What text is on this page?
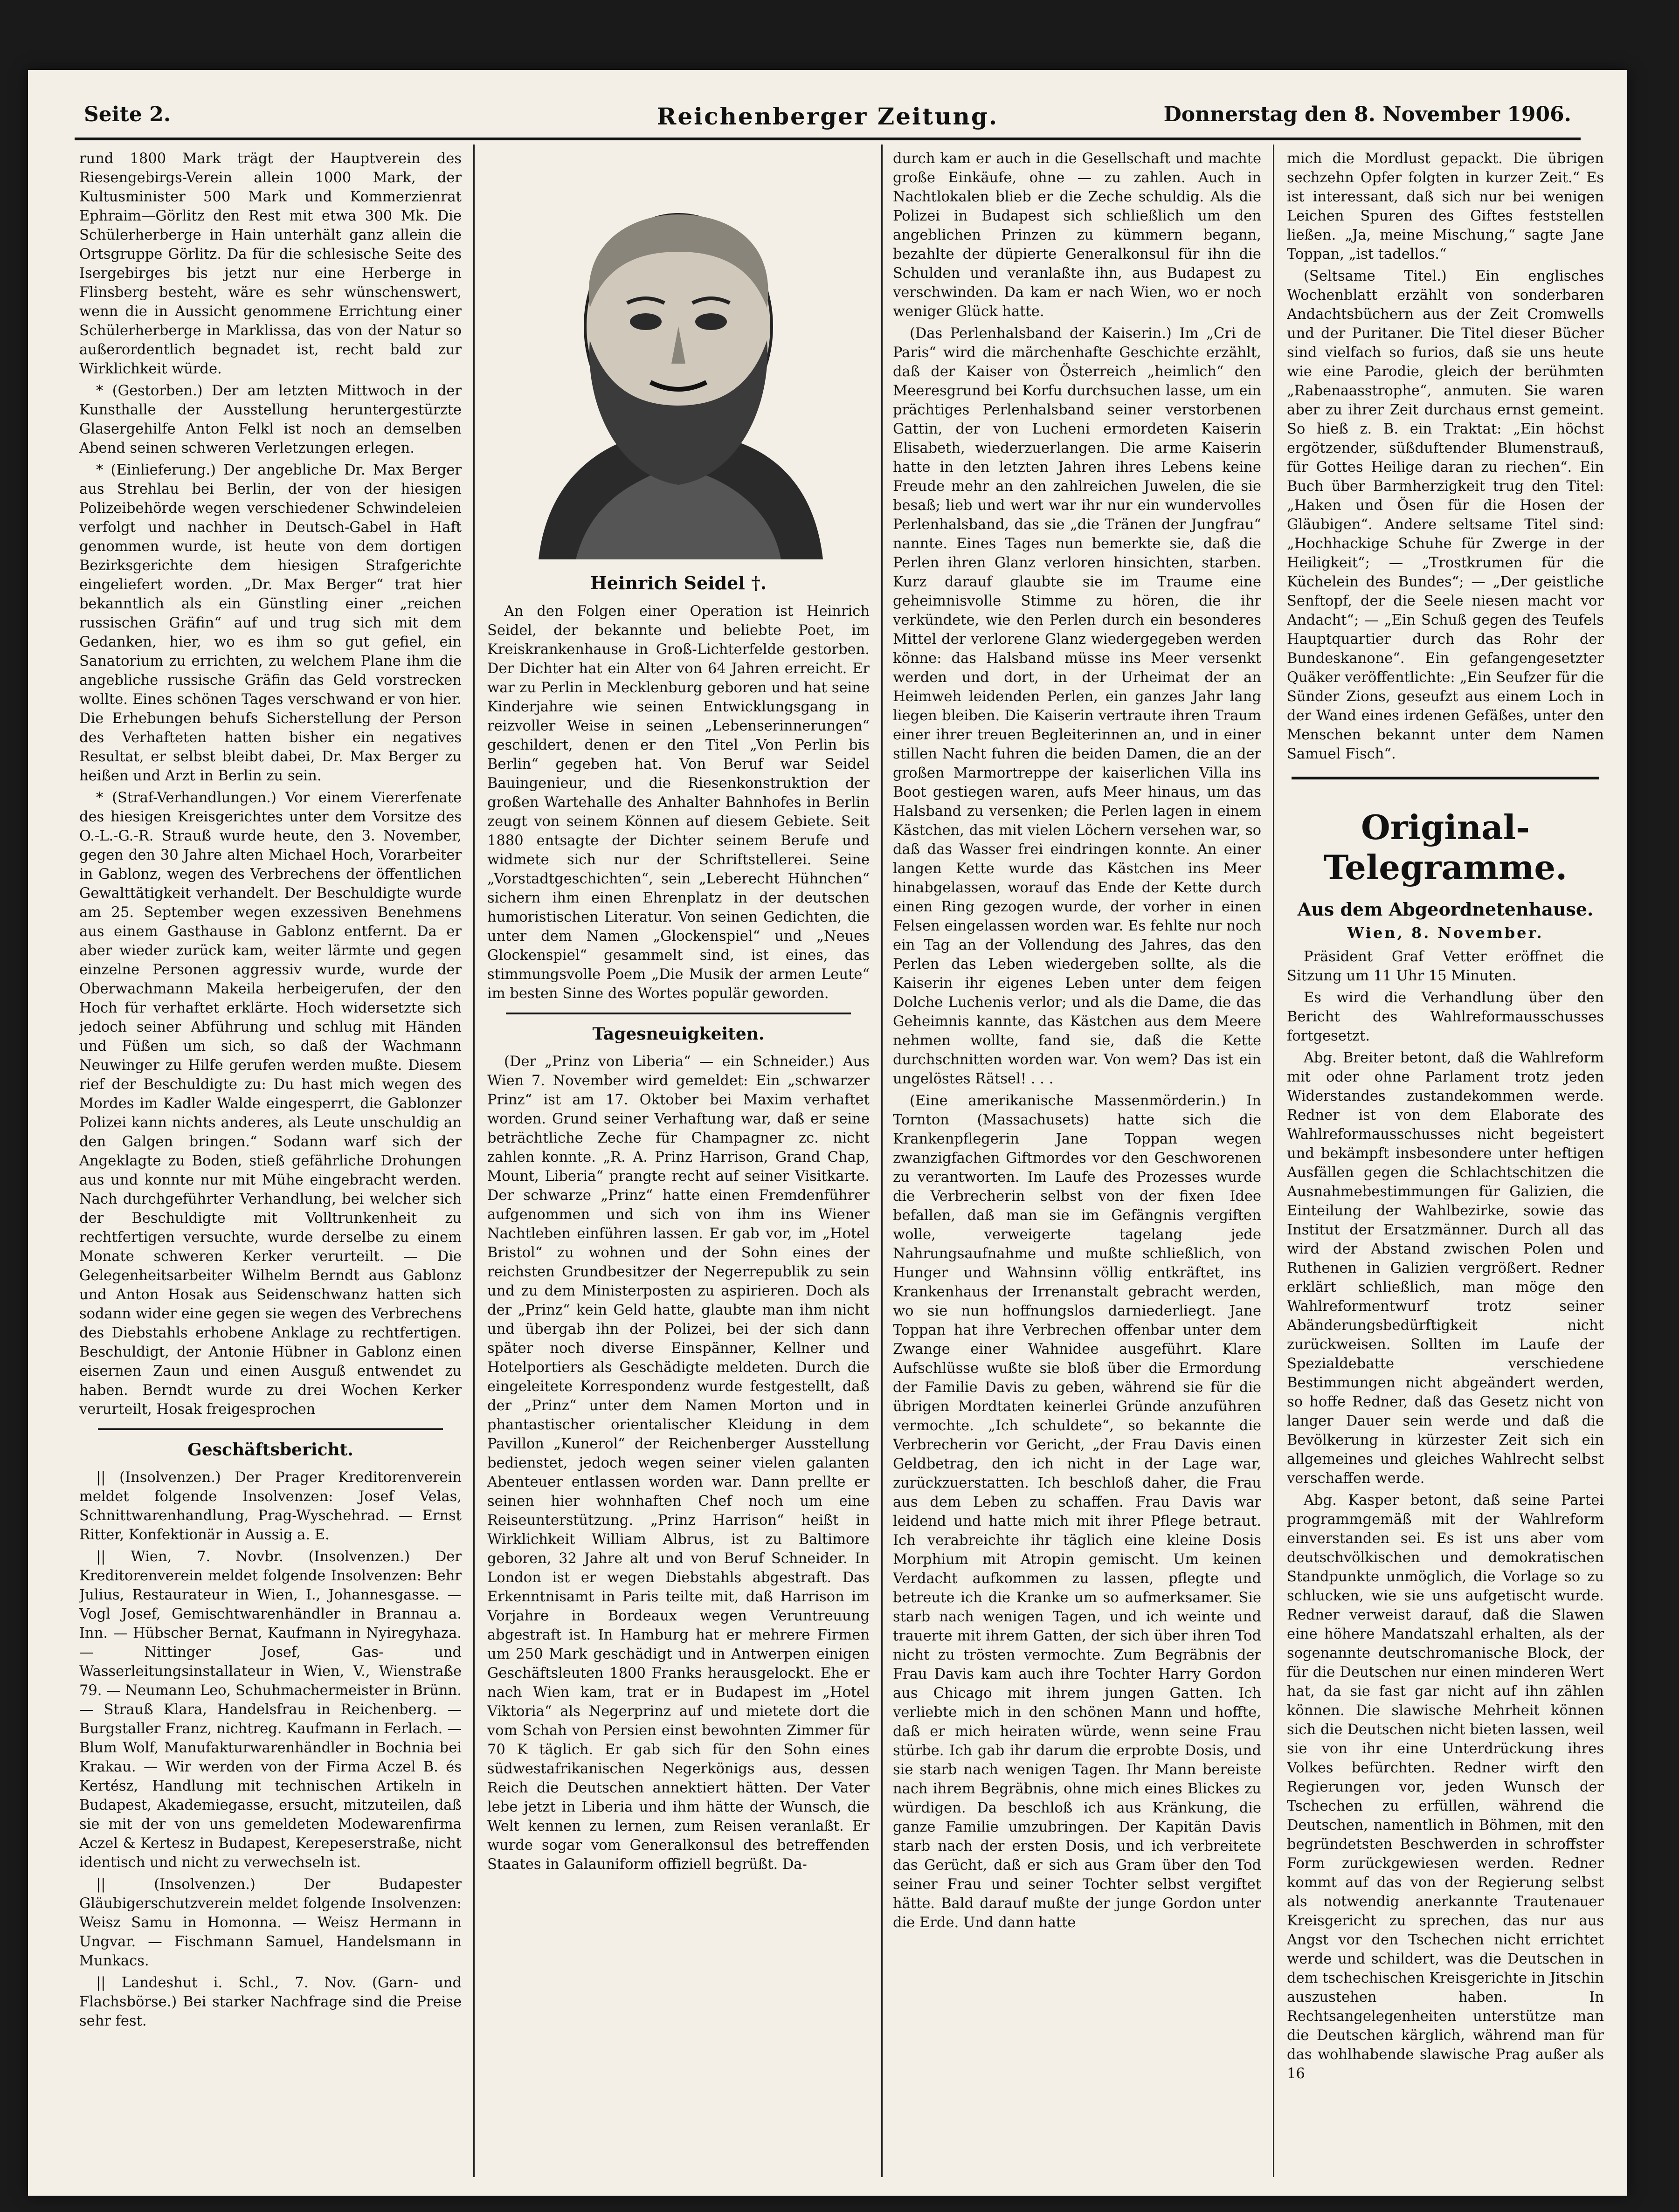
Seite 2.	Reichenberger Zeitung.	Donnerstag den 8. November 1906.

rund 1800 Mark trägt der Hauptverein des Riesengebirgs-Verein allein 1000 Mark, der Kultusminister 500 Mark und Kommerzienrat Ephraim—Görlitz den Rest mit etwa 300 Mk. Die Schülerherberge in Hain unterhält ganz allein die Ortsgruppe Görlitz. Da für die schlesische Seite des Isergebirges bis jetzt nur eine Herberge in Flinsberg besteht, wäre es sehr wünschenswert, wenn die in Aussicht genommene Errichtung einer Schülerherberge in Marklissa, das von der Natur so außerordentlich begnadet ist, recht bald zur Wirklichkeit würde.

* (Gestorben.) Der am letzten Mittwoch in der Kunsthalle der Ausstellung heruntergestürzte Glasergehilfe Anton Felkl ist noch an demselben Abend seinen schweren Verletzungen erlegen.

* (Einlieferung.) Der angebliche Dr. Max Berger aus Strehlau bei Berlin, der von der hiesigen Polizeibehörde wegen verschiedener Schwindeleien verfolgt und nachher in Deutsch-Gabel in Haft genommen wurde, ist heute von dem dortigen Bezirksgerichte dem hiesigen Strafgerichte eingeliefert worden. „Dr. Max Berger“ trat hier bekanntlich als ein Günstling einer „reichen russischen Gräfin“ auf und trug sich mit dem Gedanken, hier, wo es ihm so gut gefiel, ein Sanatorium zu errichten, zu welchem Plane ihm die angebliche russische Gräfin das Geld vorstrecken wollte. Eines schönen Tages verschwand er von hier. Die Erhebungen behufs Sicherstellung der Person des Verhafteten hatten bisher ein negatives Resultat, er selbst bleibt dabei, Dr. Max Berger zu heißen und Arzt in Berlin zu sein.

* (Straf-Verhandlungen.) Vor einem Viererfenate des hiesigen Kreisgerichtes unter dem Vorsitze des O.-L.-G.-R. Strauß wurde heute, den 3. November, gegen den 30 Jahre alten Michael Hoch, Vorarbeiter in Gablonz, wegen des Verbrechens der öffentlichen Gewalttätigkeit verhandelt. Der Beschuldigte wurde am 25. September wegen exzessiven Benehmens aus einem Gasthause in Gablonz entfernt. Da er aber wieder zurück kam, weiter lärmte und gegen einzelne Personen aggressiv wurde, wurde der Oberwachmann Makeila herbeigerufen, der den Hoch für verhaftet erklärte. Hoch widersetzte sich jedoch seiner Abführung und schlug mit Händen und Füßen um sich, so daß der Wachmann Neuwinger zu Hilfe gerufen werden mußte. Diesem rief der Beschuldigte zu: Du hast mich wegen des Mordes im Kadler Walde eingesperrt, die Gablonzer Polizei kann nichts anderes, als Leute unschuldig an den Galgen bringen.“ Sodann warf sich der Angeklagte zu Boden, stieß gefährliche Drohungen aus und konnte nur mit Mühe eingebracht werden. Nach durchgeführter Verhandlung, bei welcher sich der Beschuldigte mit Volltrunkenheit zu rechtfertigen versuchte, wurde derselbe zu einem Monate schweren Kerker verurteilt. — Die Gelegenheitsarbeiter Wilhelm Berndt aus Gablonz und Anton Hosak aus Seidenschwanz hatten sich sodann wider eine gegen sie wegen des Verbrechens des Diebstahls erhobene Anklage zu rechtfertigen. Beschuldigt, der Antonie Hübner in Gablonz einen eisernen Zaun und einen Ausguß entwendet zu haben. Berndt wurde zu drei Wochen Kerker verurteilt, Hosak freigesprochen

Geschäftsbericht.

|| (Insolvenzen.) Der Prager Kreditorenverein meldet folgende Insolvenzen: Josef Velas, Schnittwarenhandlung, Prag-Wyschehrad. — Ernst Ritter, Konfektionär in Aussig a. E.

|| Wien, 7. Novbr. (Insolvenzen.) Der Kreditorenverein meldet folgende Insolvenzen: Behr Julius, Restaurateur in Wien, I., Johannesgasse. — Vogl Josef, Gemischtwarenhändler in Brannau a. Inn. — Hübscher Bernat, Kaufmann in Nyiregyhaza. — Nittinger Josef, Gas- und Wasserleitungsinstallateur in Wien, V., Wienstraße 79. — Neumann Leo, Schuhmachermeister in Brünn. — Strauß Klara, Handelsfrau in Reichenberg. — Burgstaller Franz, nichtreg. Kaufmann in Ferlach. — Blum Wolf, Manufakturwarenhändler in Bochnia bei Krakau. — Wir werden von der Firma Aczel B. és Kertész, Handlung mit technischen Artikeln in Budapest, Akademiegasse, ersucht, mitzuteilen, daß sie mit der von uns gemeldeten Modewarenfirma Aczel & Kertesz in Budapest, Kerepeserstraße, nicht identisch und nicht zu verwechseln ist.

|| (Insolvenzen.) Der Budapester Gläubigerschutzverein meldet folgende Insolvenzen: Weisz Samu in Homonna. — Weisz Hermann in Ungvar. — Fischmann Samuel, Handelsmann in Munkacs.

|| Landeshut i. Schl., 7. Nov. (Garn- und Flachsbörse.) Bei starker Nachfrage sind die Preise sehr fest.

Heinrich Seidel †.

An den Folgen einer Operation ist Heinrich Seidel, der bekannte und beliebte Poet, im Kreiskrankenhause in Groß-Lichterfelde gestorben. Der Dichter hat ein Alter von 64 Jahren erreicht. Er war zu Perlin in Mecklenburg geboren und hat seine Kinderjahre wie seinen Entwicklungsgang in reizvoller Weise in seinen „Lebenserinnerungen“ geschildert, denen er den Titel „Von Perlin bis Berlin“ gegeben hat. Von Beruf war Seidel Bauingenieur, und die Riesenkonstruktion der großen Wartehalle des Anhalter Bahnhofes in Berlin zeugt von seinem Können auf diesem Gebiete. Seit 1880 entsagte der Dichter seinem Berufe und widmete sich nur der Schriftstellerei. Seine „Vorstadtgeschichten“, sein „Leberecht Hühnchen“ sichern ihm einen Ehrenplatz in der deutschen humoristischen Literatur. Von seinen Gedichten, die unter dem Namen „Glockenspiel“ und „Neues Glockenspiel“ gesammelt sind, ist eines, das stimmungsvolle Poem „Die Musik der armen Leute“ im besten Sinne des Wortes populär geworden.

Tagesneuigkeiten.

(Der „Prinz von Liberia“ — ein Schneider.) Aus Wien 7. November wird gemeldet: Ein „schwarzer Prinz“ ist am 17. Oktober bei Maxim verhaftet worden. Grund seiner Verhaftung war, daß er seine beträchtliche Zeche für Champagner zc. nicht zahlen konnte. „R. A. Prinz Harrison, Grand Chap, Mount, Liberia“ prangte recht auf seiner Visitkarte. Der schwarze „Prinz“ hatte einen Fremdenführer aufgenommen und sich von ihm ins Wiener Nachtleben einführen lassen. Er gab vor, im „Hotel Bristol“ zu wohnen und der Sohn eines der reichsten Grundbesitzer der Negerrepublik zu sein und zu dem Ministerposten zu aspirieren. Doch als der „Prinz“ kein Geld hatte, glaubte man ihm nicht und übergab ihn der Polizei, bei der sich dann später noch diverse Einspänner, Kellner und Hotelportiers als Geschädigte meldeten. Durch die eingeleitete Korrespondenz wurde festgestellt, daß der „Prinz“ unter dem Namen Morton und in phantastischer orientalischer Kleidung in dem Pavillon „Kunerol“ der Reichenberger Ausstellung bedienstet, jedoch wegen seiner vielen galanten Abenteuer entlassen worden war. Dann prellte er seinen hier wohnhaften Chef noch um eine Reiseunterstützung. „Prinz Harrison“ heißt in Wirklichkeit William Albrus, ist zu Baltimore geboren, 32 Jahre alt und von Beruf Schneider. In London ist er wegen Diebstahls abgestraft. Das Erkenntnisamt in Paris teilte mit, daß Harrison im Vorjahre in Bordeaux wegen Veruntreuung abgestraft ist. In Hamburg hat er mehrere Firmen um 250 Mark geschädigt und in Antwerpen einigen Geschäftsleuten 1800 Franks herausgelockt. Ehe er nach Wien kam, trat er in Budapest im „Hotel Viktoria“ als Negerprinz auf und mietete dort die vom Schah von Persien einst bewohnten Zimmer für 70 K täglich. Er gab sich für den Sohn eines südwestafrikanischen Negerkönigs aus, dessen Reich die Deutschen annektiert hätten. Der Vater lebe jetzt in Liberia und ihm hätte der Wunsch, die Welt kennen zu lernen, zum Reisen veranlaßt. Er wurde sogar vom Generalkonsul des betreffenden Staates in Galauniform offiziell begrüßt. Da-

durch kam er auch in die Gesellschaft und machte große Einkäufe, ohne — zu zahlen. Auch in Nachtlokalen blieb er die Zeche schuldig. Als die Polizei in Budapest sich schließlich um den angeblichen Prinzen zu kümmern begann, bezahlte der düpierte Generalkonsul für ihn die Schulden und veranlaßte ihn, aus Budapest zu verschwinden. Da kam er nach Wien, wo er noch weniger Glück hatte.

(Das Perlenhalsband der Kaiserin.) Im „Cri de Paris“ wird die märchenhafte Geschichte erzählt, daß der Kaiser von Österreich „heimlich“ den Meeresgrund bei Korfu durchsuchen lasse, um ein prächtiges Perlenhalsband seiner verstorbenen Gattin, der von Lucheni ermordeten Kaiserin Elisabeth, wiederzuerlangen. Die arme Kaiserin hatte in den letzten Jahren ihres Lebens keine Freude mehr an den zahlreichen Juwelen, die sie besaß; lieb und wert war ihr nur ein wundervolles Perlenhalsband, das sie „die Tränen der Jungfrau“ nannte. Eines Tages nun bemerkte sie, daß die Perlen ihren Glanz verloren hinsichten, starben. Kurz darauf glaubte sie im Traume eine geheimnisvolle Stimme zu hören, die ihr verkündete, wie den Perlen durch ein besonderes Mittel der verlorene Glanz wiedergegeben werden könne: das Halsband müsse ins Meer versenkt werden und dort, in der Urheimat der an Heimweh leidenden Perlen, ein ganzes Jahr lang liegen bleiben. Die Kaiserin vertraute ihren Traum einer ihrer treuen Begleiterinnen an, und in einer stillen Nacht fuhren die beiden Damen, die an der großen Marmortreppe der kaiserlichen Villa ins Boot gestiegen waren, aufs Meer hinaus, um das Halsband zu versenken; die Perlen lagen in einem Kästchen, das mit vielen Löchern versehen war, so daß das Wasser frei eindringen konnte. An einer langen Kette wurde das Kästchen ins Meer hinabgelassen, worauf das Ende der Kette durch einen Ring gezogen wurde, der vorher in einen Felsen eingelassen worden war. Es fehlte nur noch ein Tag an der Vollendung des Jahres, das den Perlen das Leben wiedergeben sollte, als die Kaiserin ihr eigenes Leben unter dem feigen Dolche Luchenis verlor; und als die Dame, die das Geheimnis kannte, das Kästchen aus dem Meere nehmen wollte, fand sie, daß die Kette durchschnitten worden war. Von wem? Das ist ein ungelöstes Rätsel! . . .

(Eine amerikanische Massenmörderin.) In Tornton (Massachusets) hatte sich die Krankenpflegerin Jane Toppan wegen zwanzigfachen Giftmordes vor den Geschworenen zu verantworten. Im Laufe des Prozesses wurde die Verbrecherin selbst von der fixen Idee befallen, daß man sie im Gefängnis vergiften wolle, verweigerte tagelang jede Nahrungsaufnahme und mußte schließlich, von Hunger und Wahnsinn völlig entkräftet, ins Krankenhaus der Irrenanstalt gebracht werden, wo sie nun hoffnungslos darniederliegt. Jane Toppan hat ihre Verbrechen offenbar unter dem Zwange einer Wahnidee ausgeführt. Klare Aufschlüsse wußte sie bloß über die Ermordung der Familie Davis zu geben, während sie für die übrigen Mordtaten keinerlei Gründe anzuführen vermochte. „Ich schuldete“, so bekannte die Verbrecherin vor Gericht, „der Frau Davis einen Geldbetrag, den ich nicht in der Lage war, zurückzuerstatten. Ich beschloß daher, die Frau aus dem Leben zu schaffen. Frau Davis war leidend und hatte mich mit ihrer Pflege betraut. Ich verabreichte ihr täglich eine kleine Dosis Morphium mit Atropin gemischt. Um keinen Verdacht aufkommen zu lassen, pflegte und betreute ich die Kranke um so aufmerksamer. Sie starb nach wenigen Tagen, und ich weinte und trauerte mit ihrem Gatten, der sich über ihren Tod nicht zu trösten vermochte. Zum Begräbnis der Frau Davis kam auch ihre Tochter Harry Gordon aus Chicago mit ihrem jungen Gatten. Ich verliebte mich in den schönen Mann und hoffte, daß er mich heiraten würde, wenn seine Frau stürbe. Ich gab ihr darum die erprobte Dosis, und sie starb nach wenigen Tagen. Ihr Mann bereiste nach ihrem Begräbnis, ohne mich eines Blickes zu würdigen. Da beschloß ich aus Kränkung, die ganze Familie umzubringen. Der Kapitän Davis starb nach der ersten Dosis, und ich verbreitete das Gerücht, daß er sich aus Gram über den Tod seiner Frau und seiner Tochter selbst vergiftet hätte. Bald darauf mußte der junge Gordon unter die Erde. Und dann hatte

mich die Mordlust gepackt. Die übrigen sechzehn Opfer folgten in kurzer Zeit.“ Es ist interessant, daß sich nur bei wenigen Leichen Spuren des Giftes feststellen ließen. „Ja, meine Mischung,“ sagte Jane Toppan, „ist tadellos.“

(Seltsame Titel.) Ein englisches Wochenblatt erzählt von sonderbaren Andachtsbüchern aus der Zeit Cromwells und der Puritaner. Die Titel dieser Bücher sind vielfach so furios, daß sie uns heute wie eine Parodie, gleich der berühmten „Rabenaasstrophe“, anmuten. Sie waren aber zu ihrer Zeit durchaus ernst gemeint. So hieß z. B. ein Traktat: „Ein höchst ergötzender, süßduftender Blumenstrauß, für Gottes Heilige daran zu riechen“. Ein Buch über Barmherzigkeit trug den Titel: „Haken und Ösen für die Hosen der Gläubigen“. Andere seltsame Titel sind: „Hochhackige Schuhe für Zwerge in der Heiligkeit“; — „Trostkrumen für die Küchelein des Bundes“; — „Der geistliche Senftopf, der die Seele niesen macht vor Andacht“; — „Ein Schuß gegen des Teufels Hauptquartier durch das Rohr der Bundeskanone“. Ein gefangengesetzter Quäker veröffentlichte: „Ein Seufzer für die Sünder Zions, geseufzt aus einem Loch in der Wand eines irdenen Gefäßes, unter den Menschen bekannt unter dem Namen Samuel Fisch“.

Original-Telegramme.
Aus dem Abgeordnetenhause.
Wien, 8. November.

Präsident Graf Vetter eröffnet die Sitzung um 11 Uhr 15 Minuten.

Es wird die Verhandlung über den Bericht des Wahlreformausschusses fortgesetzt.

Abg. Breiter betont, daß die Wahlreform mit oder ohne Parlament trotz jeden Widerstandes zustandekommen werde. Redner ist von dem Elaborate des Wahlreformausschusses nicht begeistert und bekämpft insbesondere unter heftigen Ausfällen gegen die Schlachtschitzen die Ausnahmebestimmungen für Galizien, die Einteilung der Wahlbezirke, sowie das Institut der Ersatzmänner. Durch all das wird der Abstand zwischen Polen und Ruthenen in Galizien vergrößert. Redner erklärt schließlich, man möge den Wahlreformentwurf trotz seiner Abänderungsbedürftigkeit nicht zurückweisen. Sollten im Laufe der Spezialdebatte verschiedene Bestimmungen nicht abgeändert werden, so hoffe Redner, daß das Gesetz nicht von langer Dauer sein werde und daß die Bevölkerung in kürzester Zeit sich ein allgemeines und gleiches Wahlrecht selbst verschaffen werde.

Abg. Kasper betont, daß seine Partei programmgemäß mit der Wahlreform einverstanden sei. Es ist uns aber vom deutschvölkischen und demokratischen Standpunkte unmöglich, die Vorlage so zu schlucken, wie sie uns aufgetischt wurde. Redner verweist darauf, daß die Slawen eine höhere Mandatszahl erhalten, als der sogenannte deutschromanische Block, der für die Deutschen nur einen minderen Wert hat, da sie fast gar nicht auf ihn zählen können. Die slawische Mehrheit können sich die Deutschen nicht bieten lassen, weil sie von ihr eine Unterdrückung ihres Volkes befürchten. Redner wirft den Regierungen vor, jeden Wunsch der Tschechen zu erfüllen, während die Deutschen, namentlich in Böhmen, mit den begründetsten Beschwerden in schroffster Form zurückgewiesen werden. Redner kommt auf das von der Regierung selbst als notwendig anerkannte Trautenauer Kreisgericht zu sprechen, das nur aus Angst vor den Tschechen nicht errichtet werde und schildert, was die Deutschen in dem tschechischen Kreisgerichte in Jitschin auszustehen haben. In Rechtsangelegenheiten unterstütze man die Deutschen kärglich, während man für das wohlhabende slawische Prag außer als 16
